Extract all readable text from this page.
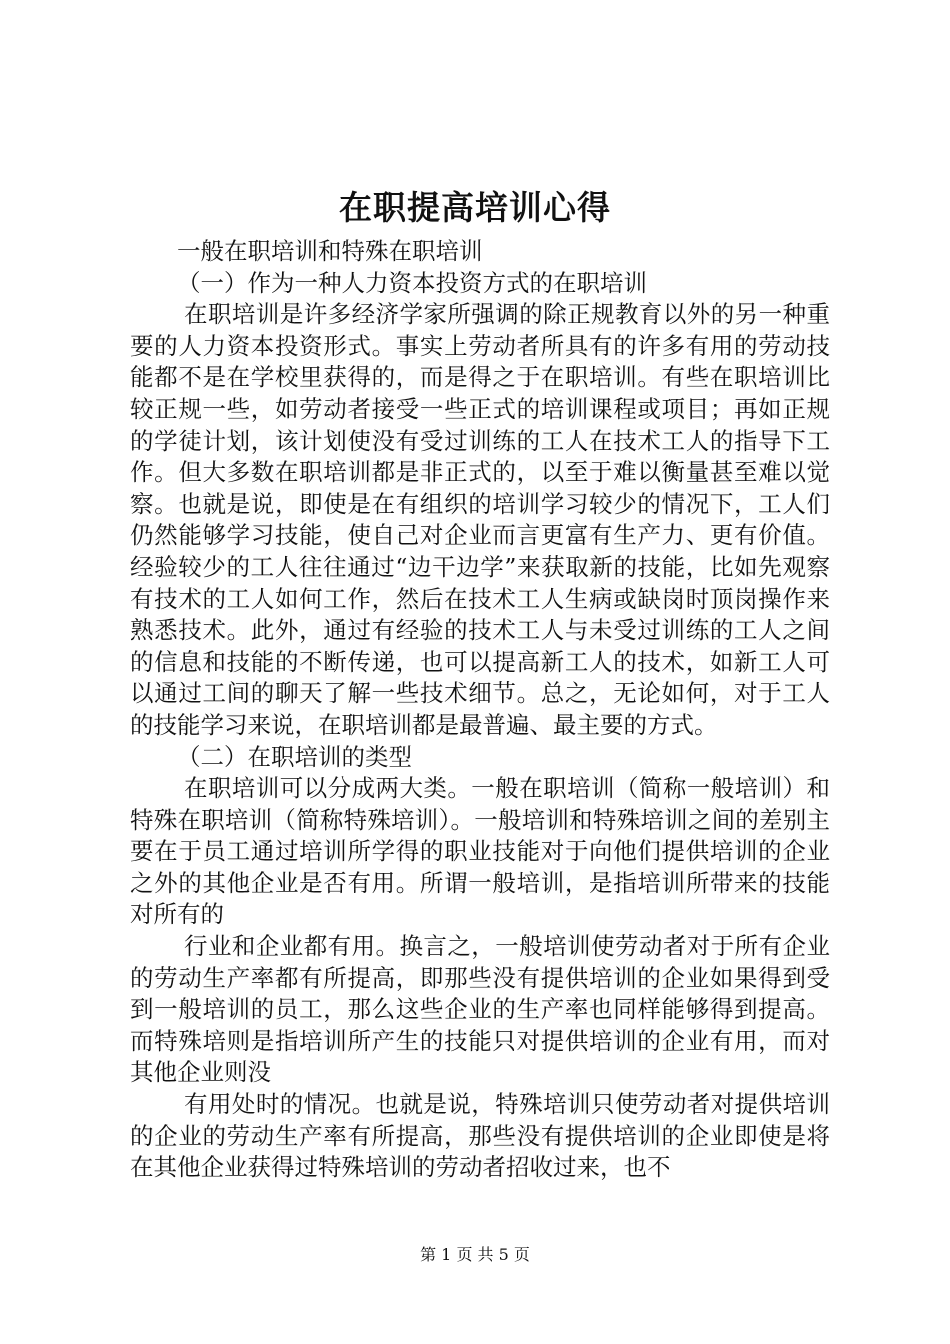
在职提高培训心得

一般在职培训和特殊在职培训

（一）作为一种人力资本投资方式的在职培训

在职培训是许多经济学家所强调的除正规教育以外的另一种重要的人力资本投资形式。事实上劳动者所具有的许多有用的劳动技能都不是在学校里获得的，而是得之于在职培训。有些在职培训比较正规一些，如劳动者接受一些正式的培训课程或项目；再如正规的学徒计划，该计划使没有受过训练的工人在技术工人的指导下工作。但大多数在职培训都是非正式的，以至于难以衡量甚至难以觉察。也就是说，即使是在有组织的培训学习较少的情况下，工人们仍然能够学习技能，使自己对企业而言更富有生产力、更有价值。经验较少的工人往往通过“边干边学”来获取新的技能，比如先观察有技术的工人如何工作，然后在技术工人生病或缺岗时顶岗操作来熟悉技术。此外，通过有经验的技术工人与未受过训练的工人之间的信息和技能的不断传递，也可以提高新工人的技术，如新工人可以通过工间的聊天了解一些技术细节。总之，无论如何，对于工人的技能学习来说，在职培训都是最普遍、最主要的方式。

（二）在职培训的类型

在职培训可以分成两大类。一般在职培训（简称一般培训）和特殊在职培训（简称特殊培训）。一般培训和特殊培训之间的差别主要在于员工通过培训所学得的职业技能对于向他们提供培训的企业之外的其他企业是否有用。所谓一般培训，是指培训所带来的技能对所有的

行业和企业都有用。换言之，一般培训使劳动者对于所有企业的劳动生产率都有所提高，即那些没有提供培训的企业如果得到受到一般培训的员工，那么这些企业的生产率也同样能够得到提高。而特殊培则是指培训所产生的技能只对提供培训的企业有用，而对其他企业则没

有用处时的情况。也就是说，特殊培训只使劳动者对提供培训的企业的劳动生产率有所提高，那些没有提供培训的企业即使是将在其他企业获得过特殊培训的劳动者招收过来，也不

第 1 页 共 5 页
